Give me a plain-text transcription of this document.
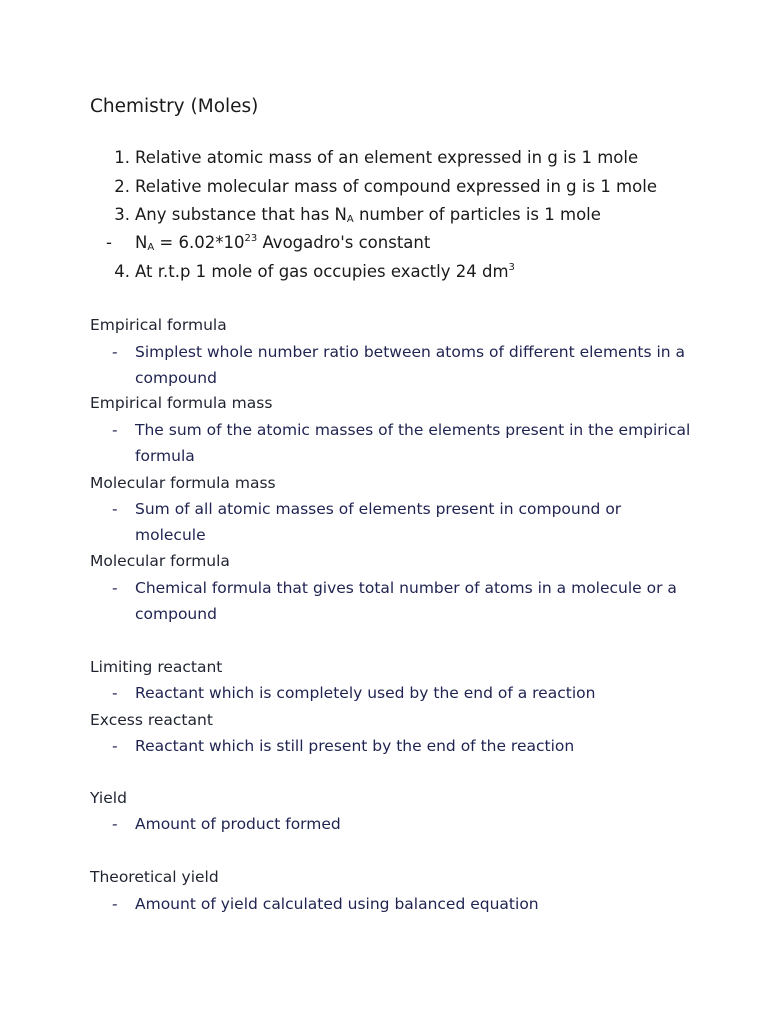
Chemistry (Moles)
1. Relative atomic mass of an element expressed in g is 1 mole
2. Relative molecular mass of compound expressed in g is 1 mole
3. Any substance that has $N_A$ number of particles is 1 mole
-	$N_A = 6.02*10^{23}$ Avogadro's constant
4. At r.t.p 1 mole of gas occupies exactly 24 $dm^3$
Empirical formula
- Simplest whole number ratio between atoms of different elements in a compound
Empirical formula mass
- The sum of the atomic masses of the elements present in the empirical formula
Molecular formula mass
- Sum of all atomic masses of elements present in compound or molecule
Molecular formula
- Chemical formula that gives total number of atoms in a molecule or a compound
Limiting reactant
- Reactant which is completely used by the end of a reaction
Excess reactant
- Reactant which is still present by the end of the reaction
Yield
- Amount of product formed
Theoretical yield
- Amount of yield calculated using balanced equation
